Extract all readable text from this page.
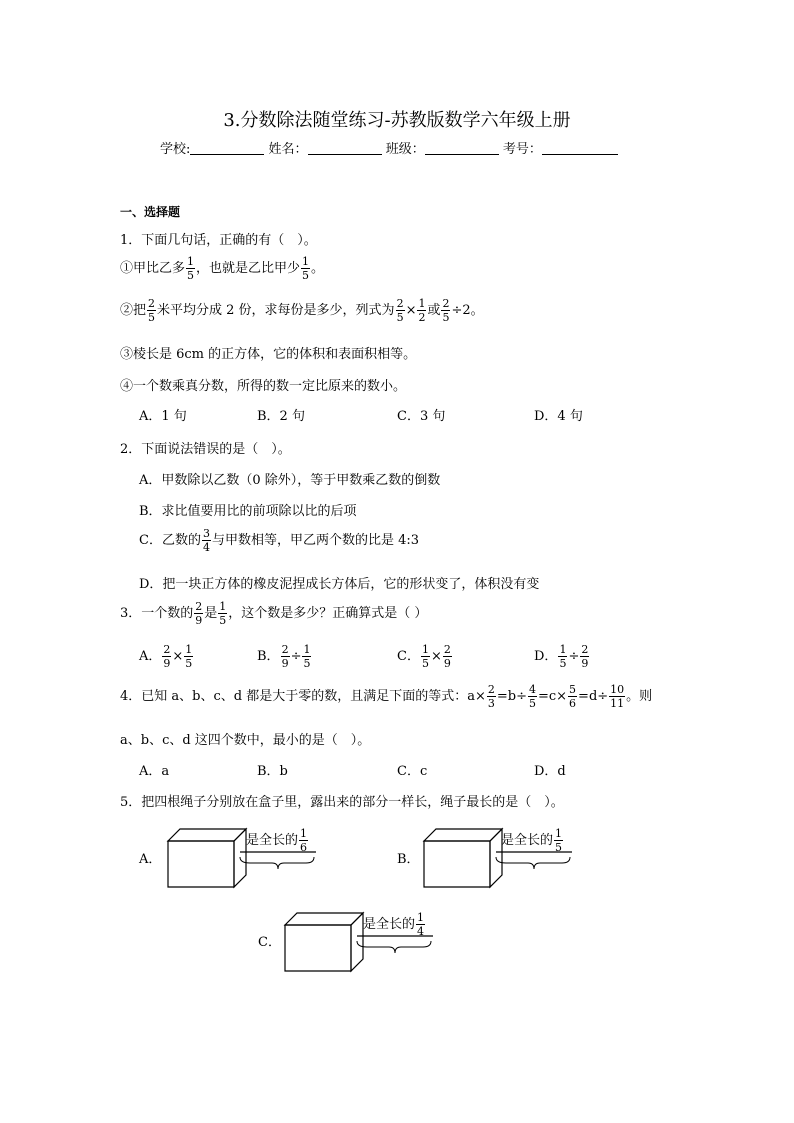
3.分数除法随堂练习-苏教版数学六年级上册
学校:	姓名：	班级：	考号：
一、选择题
1．下面几句话，正确的有（　）。
①甲比乙多 $\frac{1}{5}$ ，也就是乙比甲少 $\frac{1}{5}$ 。
②把 $\frac{2}{5}$ 米平均分成 2 份，求每份是多少，列式为 $\frac{2}{5} \times \frac{1}{2}$ 或 $\frac{2}{5} \div 2$。
③棱长是 6cm 的正方体，它的体积和表面积相等。
④一个数乘真分数，所得的数一定比原来的数小。
A．1 句	B．2 句	C．3 句	D．4 句
2．下面说法错误的是（　）。
A．甲数除以乙数（0 除外），等于甲数乘乙数的倒数
B．求比值要用比的前项除以比的后项
C．乙数的 $\frac{3}{4}$ 与甲数相等，甲乙两个数的比是 4:3
D．把一块正方体的橡皮泥捏成长方体后，它的形状变了，体积没有变
3．一个数的 $\frac{2}{9}$ 是 $\frac{1}{5}$ ，这个数是多少？正确算式是（ ）
A． $\frac{2}{9} \times \frac{1}{5}$	B． $\frac{2}{9} \div \frac{1}{5}$	C． $\frac{1}{5} \times \frac{2}{9}$	D． $\frac{1}{5} \div \frac{2}{9}$
4．已知 a、b、c、d 都是大于零的数，且满足下面的等式：$a\times \frac{2}{3} =b\div \frac{4}{5} =c\times \frac{5}{6} =d\div \frac{10}{11}$ 。则
a、b、c、d 这四个数中，最小的是（　）。
A．a	B．b	C．c	D．d
5．把四根绳子分别放在盒子里，露出来的部分一样长，绳子最长的是（　）。
A．
是全长的 $\frac{1}{6}$
B．
是全长的 $\frac{1}{5}$
C．
是全长的 $\frac{1}{4}$
